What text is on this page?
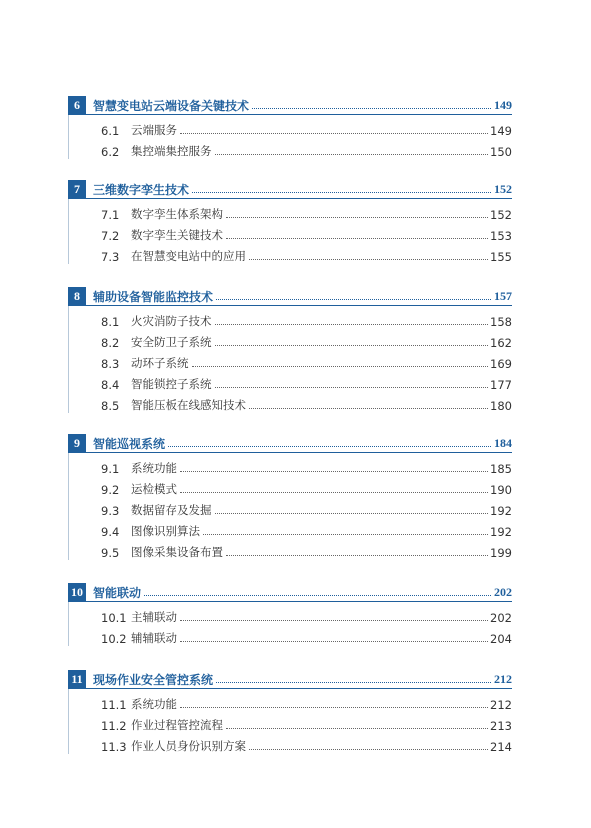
6	智慧变电站云端设备关键技术	149
6.1	云端服务	149
6.2	集控端集控服务	150
7	三维数字孪生技术	152
7.1	数字孪生体系架构	152
7.2	数字孪生关键技术	153
7.3	在智慧变电站中的应用	155
8	辅助设备智能监控技术	157
8.1	火灾消防子技术	158
8.2	安全防卫子系统	162
8.3	动环子系统	169
8.4	智能锁控子系统	177
8.5	智能压板在线感知技术	180
9	智能巡视系统	184
9.1	系统功能	185
9.2	运检模式	190
9.3	数据留存及发掘	192
9.4	图像识别算法	192
9.5	图像采集设备布置	199
10 智能联动	202
10.1 主辅联动	202
10.2 辅辅联动	204
11 现场作业安全管控系统	212
11.1 系统功能	212
11.2 作业过程管控流程	213
11.3 作业人员身份识别方案	214
